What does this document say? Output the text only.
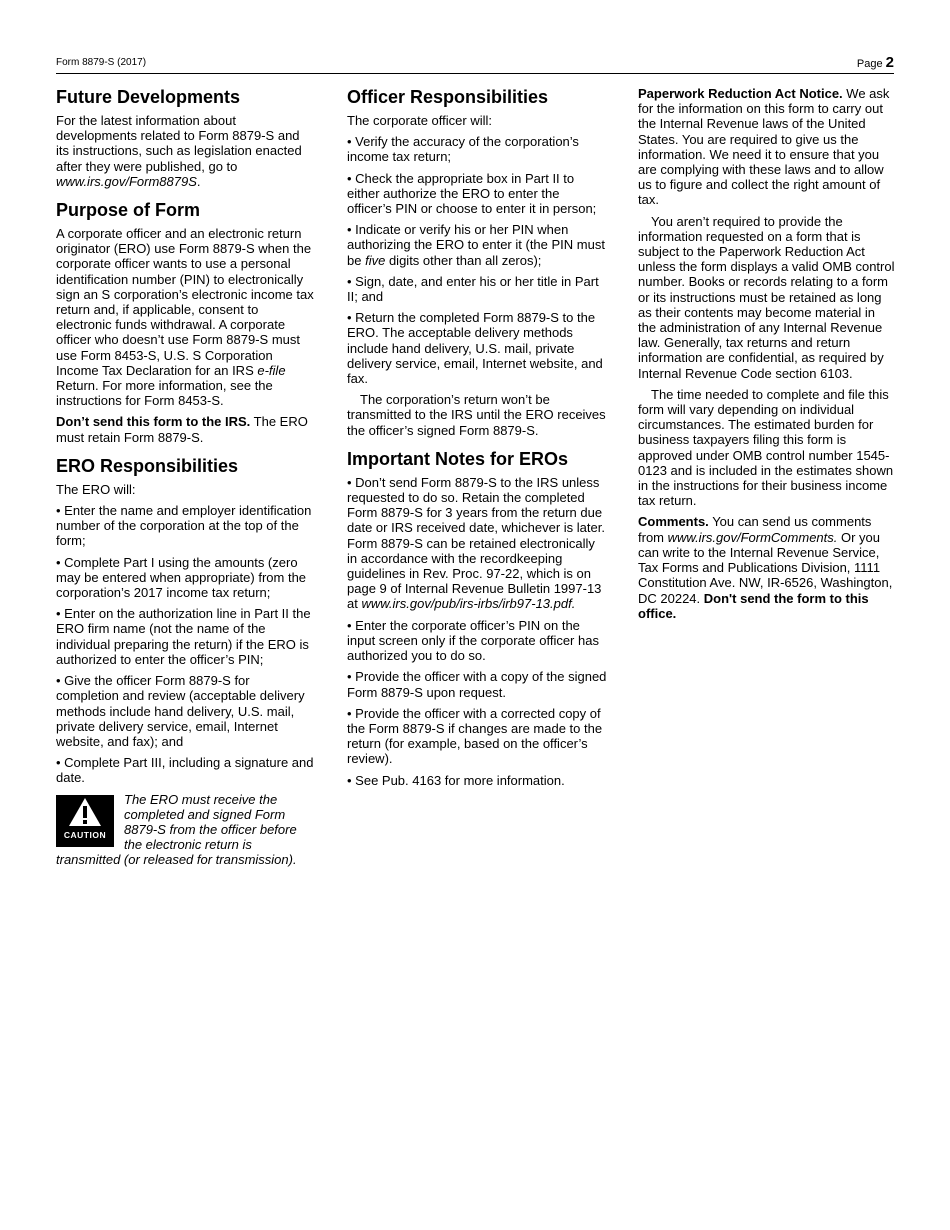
Form 8879-S (2017)	Page 2
Future Developments

For the latest information about developments related to Form 8879-S and its instructions, such as legislation enacted after they were published, go to www.irs.gov/Form8879S.

Purpose of Form

A corporate officer and an electronic return originator (ERO) use Form 8879-S when the corporate officer wants to use a personal identification number (PIN) to electronically sign an S corporation’s electronic income tax return and, if applicable, consent to electronic funds withdrawal. A corporate officer who doesn’t use Form 8879-S must use Form 8453-S, U.S. S Corporation Income Tax Declaration for an IRS e-file Return. For more information, see the instructions for Form 8453-S.

Don’t send this form to the IRS. The ERO must retain Form 8879-S.

ERO Responsibilities

The ERO will:

• Enter the name and employer identification number of the corporation at the top of the form;

• Complete Part I using the amounts (zero may be entered when appropriate) from the corporation’s 2017 income tax return;

• Enter on the authorization line in Part II the ERO firm name (not the name of the individual preparing the return) if the ERO is authorized to enter the officer’s PIN;

• Give the officer Form 8879-S for completion and review (acceptable delivery methods include hand delivery, U.S. mail, private delivery service, email, Internet website, and fax); and

• Complete Part III, including a signature and date.

CAUTION
The ERO must receive the completed and signed Form 8879-S from the officer before the electronic return is transmitted (or released for transmission).
Officer Responsibilities

The corporate officer will:

• Verify the accuracy of the corporation’s income tax return;

• Check the appropriate box in Part II to either authorize the ERO to enter the officer’s PIN or choose to enter it in person;

• Indicate or verify his or her PIN when authorizing the ERO to enter it (the PIN must be five digits other than all zeros);

• Sign, date, and enter his or her title in Part II; and

• Return the completed Form 8879-S to the ERO. The acceptable delivery methods include hand delivery, U.S. mail, private delivery service, email, Internet website, and fax.

The corporation’s return won’t be transmitted to the IRS until the ERO receives the officer’s signed Form 8879-S.

Important Notes for EROs

• Don’t send Form 8879-S to the IRS unless requested to do so. Retain the completed Form 8879-S for 3 years from the return due date or IRS received date, whichever is later. Form 8879-S can be retained electronically in accordance with the recordkeeping guidelines in Rev. Proc. 97-22, which is on page 9 of Internal Revenue Bulletin 1997-13 at www.irs.gov/pub/irs-irbs/irb97-13.pdf.

• Enter the corporate officer’s PIN on the input screen only if the corporate officer has authorized you to do so.

• Provide the officer with a copy of the signed Form 8879-S upon request.

• Provide the officer with a corrected copy of the Form 8879-S if changes are made to the return (for example, based on the officer’s review).

• See Pub. 4163 for more information.

Paperwork Reduction Act Notice. We ask for the information on this form to carry out the Internal Revenue laws of the United States. You are required to give us the information. We need it to ensure that you are complying with these laws and to allow us to figure and collect the right amount of tax.

You aren’t required to provide the information requested on a form that is subject to the Paperwork Reduction Act unless the form displays a valid OMB control number. Books or records relating to a form or its instructions must be retained as long as their contents may become material in the administration of any Internal Revenue law. Generally, tax returns and return information are confidential, as required by Internal Revenue Code section 6103.

The time needed to complete and file this form will vary depending on individual circumstances. The estimated burden for business taxpayers filing this form is approved under OMB control number 1545-0123 and is included in the estimates shown in the instructions for their business income tax return.

Comments. You can send us comments from www.irs.gov/FormComments. Or you can write to the Internal Revenue Service, Tax Forms and Publications Division, 1111 Constitution Ave. NW, IR-6526, Washington, DC 20224. Don't send the form to this office.
